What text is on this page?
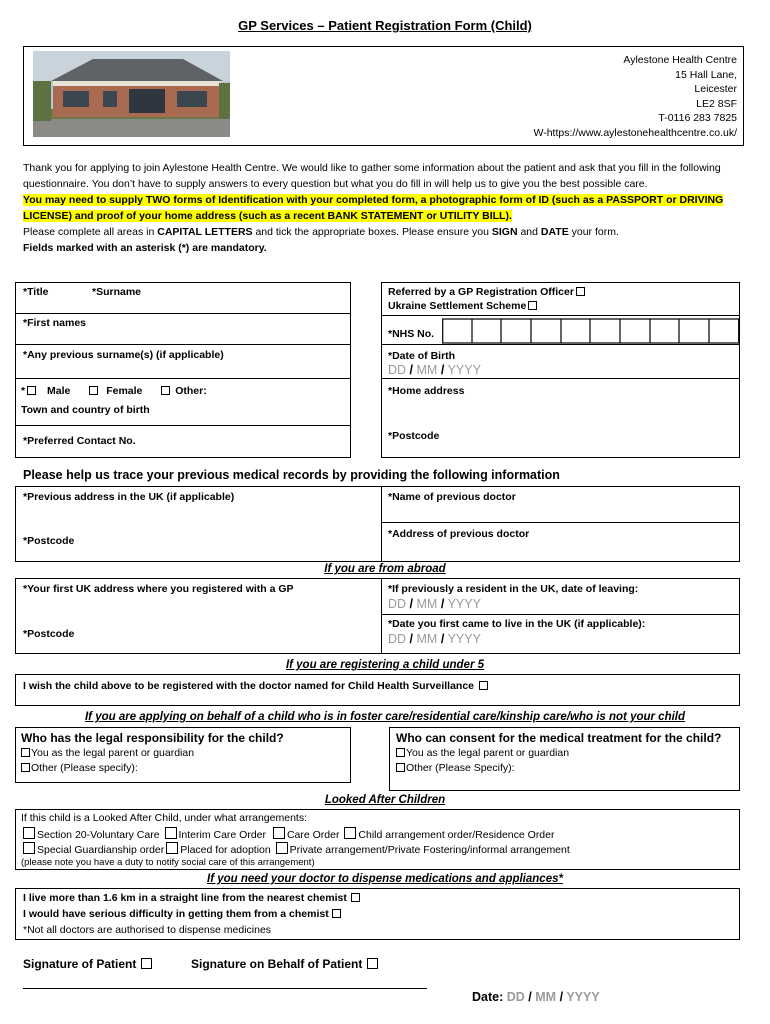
GP Services – Patient Registration Form (Child)
Aylestone Health Centre
15 Hall Lane,
Leicester
LE2 8SF
T-0116 283 7825
W-https://www.aylestonehealthcentre.co.uk/
Thank you for applying to join Aylestone Health Centre. We would like to gather some information about the patient and ask that you fill in the following questionnaire. You don’t have to supply answers to every question but what you do fill in will help us to give you the best possible care.
You may need to supply TWO forms of Identification with your completed form, a photographic form of ID (such as a PASSPORT or DRIVING LICENSE) and proof of your home address (such as a recent BANK STATEMENT or UTILITY BILL).
Please complete all areas in CAPITAL LETTERS and tick the appropriate boxes. Please ensure you SIGN and DATE your form.
Fields marked with an asterisk (*) are mandatory.
*Title	*Surname
*First names
*Any previous surname(s) (if applicable)
* Male	Female	Other:
Town and country of birth
*Preferred Contact No.
Referred by a GP Registration Officer
Ukraine Settlement Scheme
*NHS No.
*Date of Birth
DD / MM / YYYY
*Home address
*Postcode
Please help us trace your previous medical records by providing the following information
*Previous address in the UK (if applicable)
*Postcode
*Name of previous doctor
*Address of previous doctor
If you are from abroad
*Your first UK address where you registered with a GP
*Postcode
*If previously a resident in the UK, date of leaving:
DD / MM / YYYY
*Date you first came to live in the UK (if applicable):
DD / MM / YYYY
If you are registering a child under 5
I wish the child above to be registered with the doctor named for Child Health Surveillance
If you are applying on behalf of a child who is in foster care/residential care/kinship care/who is not your child
Who has the legal responsibility for the child?
You as the legal parent or guardian
Other (Please specify):
Who can consent for the medical treatment for the child?
You as the legal parent or guardian
Other (Please Specify):
Looked After Children
If this child is a Looked After Child, under what arrangements:
Section 20-Voluntary Care Interim Care Order Care Order Child arrangement order/Residence Order
Special Guardianship order Placed for adoption Private arrangement/Private Fostering/informal arrangement
(please note you have a duty to notify social care of this arrangement)
If you need your doctor to dispense medications and appliances*
I live more than 1.6 km in a straight line from the nearest chemist
I would have serious difficulty in getting them from a chemist
*Not all doctors are authorised to dispense medicines
Signature of Patient	Signature on Behalf of Patient
Date: DD / MM / YYYY
